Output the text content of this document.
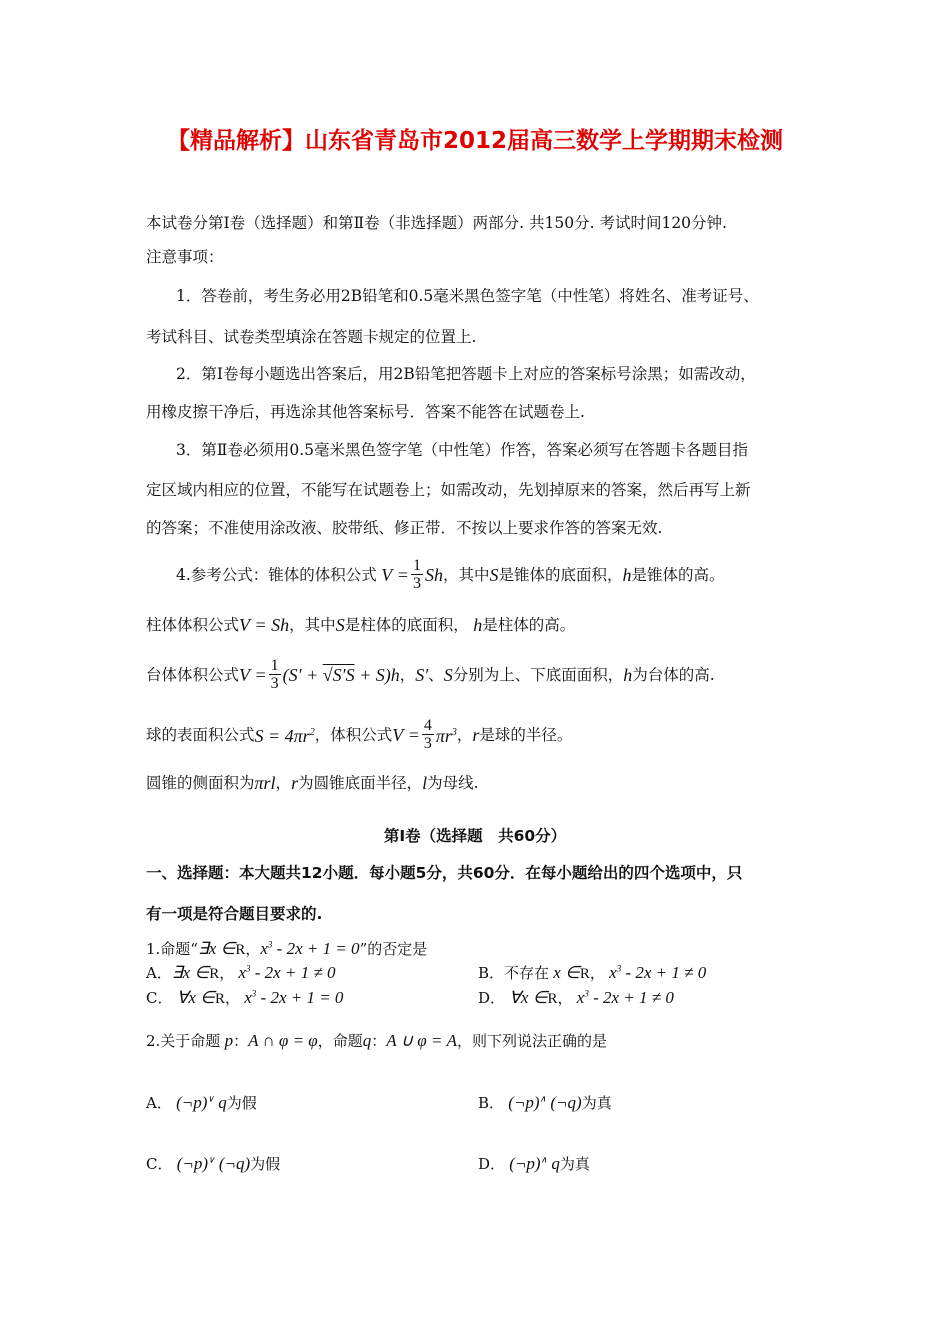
【精品解析】山东省青岛市2012届高三数学上学期期末检测
本试卷分第Ⅰ卷（选择题）和第Ⅱ卷（非选择题）两部分. 共150分. 考试时间120分钟.
注意事项：
1．答卷前，考生务必用2B铅笔和0.5毫米黑色签字笔（中性笔）将姓名、准考证号、
考试科目、试卷类型填涂在答题卡规定的位置上.
2．第Ⅰ卷每小题选出答案后，用2B铅笔把答题卡上对应的答案标号涂黑；如需改动，
用橡皮擦干净后，再选涂其他答案标号．答案不能答在试题卷上.
3．第Ⅱ卷必须用0.5毫米黑色签字笔（中性笔）作答，答案必须写在答题卡各题目指
定区域内相应的位置，不能写在试题卷上；如需改动，先划掉原来的答案，然后再写上新
的答案；不准使用涂改液、胶带纸、修正带．不按以上要求作答的答案无效.
4.参考公式：锥体的体积公式 $V = \frac{1}{3}$ Sh ，其中 S 是锥体的底面积， h 是锥体的高。
柱体体积公式 V = Sh ，其中 S 是柱体的底面积， h 是柱体的高。
台体体积公式 $V = \frac{1}{3} (S' + √S'S + S)h$ ， S′ 、 S 分别为上、下底面面积， h 为台体的高.
球的表面积公式 $S = 4\pi r^2$ ，体积公式 $V = \frac{4}{3} \pi r^3$ ， r 是球的半径。
圆锥的侧面积为 πrl ， r 为圆锥底面半径， l 为母线.
第Ⅰ卷（选择题　共60分）
一、选择题：本大题共12小题．每小题5分，共60分．在每小题给出的四个选项中，只
有一项是符合题目要求的.
1.命题“ ∃x ∈ R， $x^3 - 2x + 1 = 0$ ”的否定是
A． ∃x ∈ R， $x^3 - 2x + 1 \ne 0$	B．不存在 x ∈ R， $x^3 - 2x + 1 \ne 0$
C． ∀x ∈ R， $x^3 - 2x + 1 = 0$	D． ∀x ∈ R， $x^3 - 2x + 1 \ne 0$
2.关于命题 p ： A ∩ φ = φ ，命题 q ： A ∪ φ = A ，则下列说法正确的是
A． (¬p)∨ q 为假	B． (¬p)∧ (¬q) 为真
C． (¬p)∨ (¬q) 为假	D． (¬p)∧ q 为真
